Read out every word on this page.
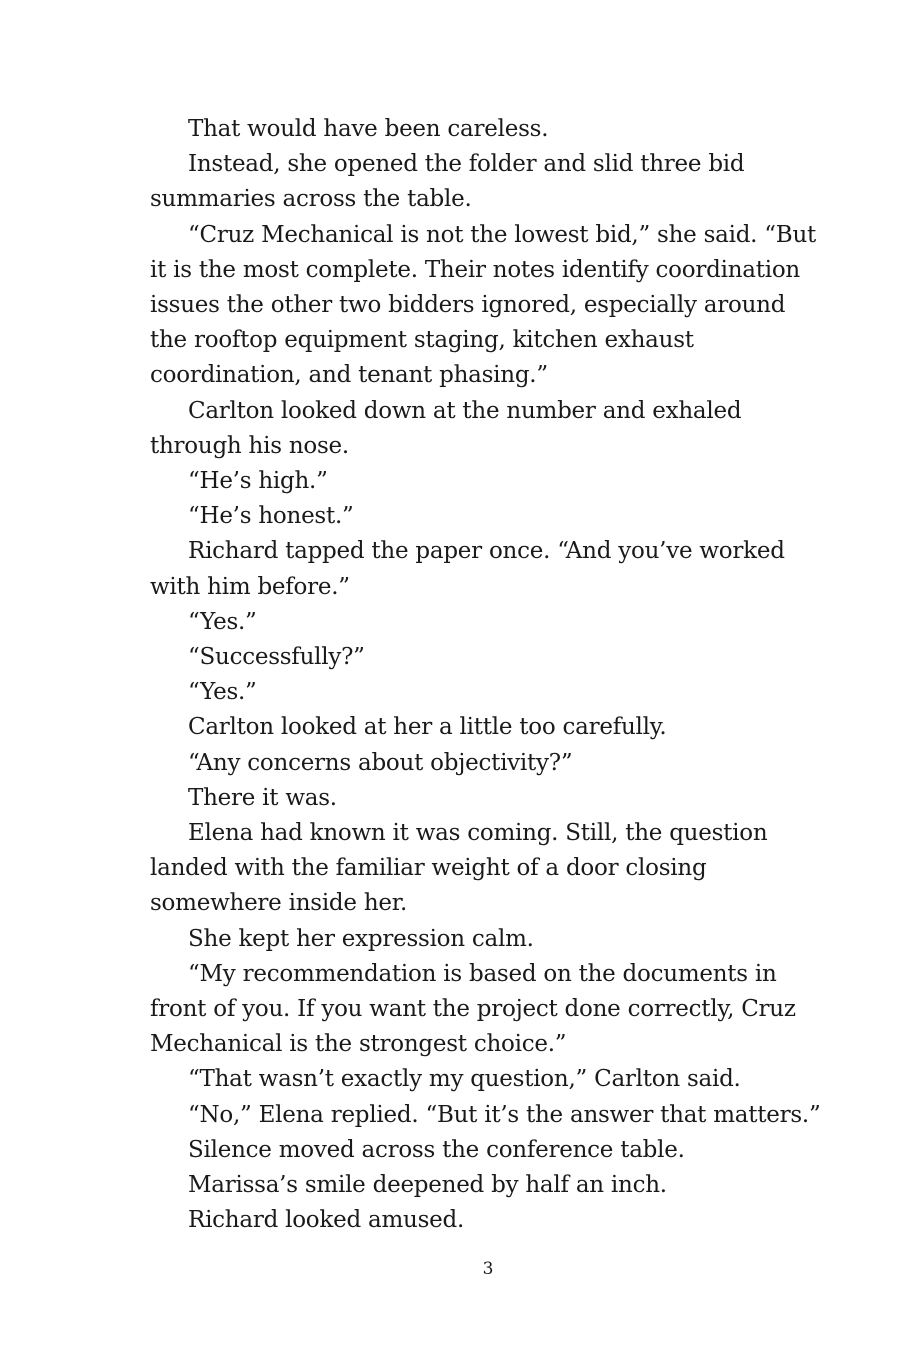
That would have been careless.

Instead, she opened the folder and slid three bid summaries across the table.

“Cruz Mechanical is not the lowest bid,” she said. “But it is the most complete. Their notes identify coordination issues the other two bidders ignored, especially around the rooftop equipment staging, kitchen exhaust coordination, and tenant phasing.”

Carlton looked down at the number and exhaled through his nose.

“He’s high.”

“He’s honest.”

Richard tapped the paper once. “And you’ve worked with him before.”

“Yes.”

“Successfully?”

“Yes.”

Carlton looked at her a little too carefully.

“Any concerns about objectivity?”

There it was.

Elena had known it was coming. Still, the question landed with the familiar weight of a door closing somewhere inside her.

She kept her expression calm.

“My recommendation is based on the documents in front of you. If you want the project done correctly, Cruz Mechanical is the strongest choice.”

“That wasn’t exactly my question,” Carlton said.

“No,” Elena replied. “But it’s the answer that matters.”

Silence moved across the conference table.

Marissa’s smile deepened by half an inch.

Richard looked amused.

3
